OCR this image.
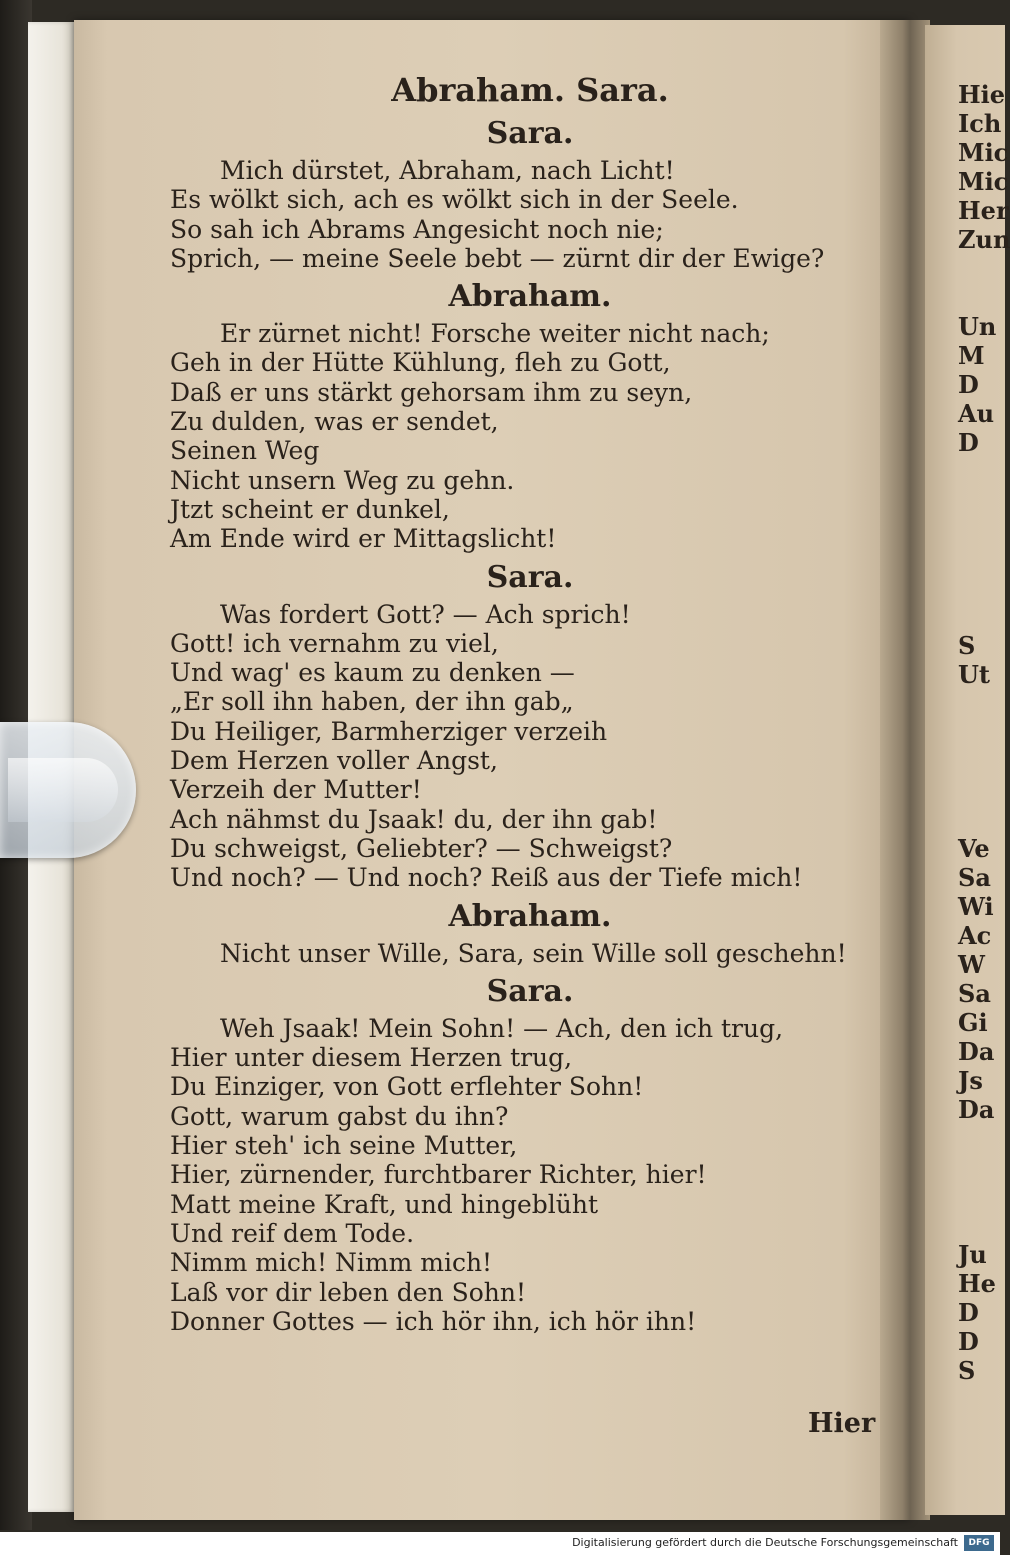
Abraham. Sara.
Sara.
Mich dürstet, Abraham, nach Licht!
Es wölkt sich, ach es wölkt sich in der Seele.
So sah ich Abrams Angesicht noch nie;
Sprich, — meine Seele bebt — zürnt dir der Ewige?
Abraham.
Er zürnet nicht! Forsche weiter nicht nach;
Geh in der Hütte Kühlung, fleh zu Gott,
Daß er uns stärkt gehorsam ihm zu seyn,
Zu dulden, was er sendet,
Seinen Weg
Nicht unsern Weg zu gehn.
Jtzt scheint er dunkel,
Am Ende wird er Mittagslicht!
Sara.
Was fordert Gott? — Ach sprich!
Gott! ich vernahm zu viel,
Und wag' es kaum zu denken —
„Er soll ihn haben, der ihn gab„
Du Heiliger, Barmherziger verzeih
Dem Herzen voller Angst,
Verzeih der Mutter!
Ach nähmst du Jsaak! du, der ihn gab!
Du schweigst, Geliebter? — Schweigst?
Und noch? — Und noch? Reiß aus der Tiefe mich!
Abraham.
Nicht unser Wille, Sara, sein Wille soll geschehn!
Sara.
Weh Jsaak! Mein Sohn! — Ach, den ich trug,
Hier unter diesem Herzen trug,
Du Einziger, von Gott erflehter Sohn!
Gott, warum gabst du ihn?
Hier steh' ich seine Mutter,
Hier, zürnender, furchtbarer Richter, hier!
Matt meine Kraft, und hingeblüht
Und reif dem Tode.
Nimm mich! Nimm mich!
Laß vor dir leben den Sohn!
Donner Gottes — ich hör ihn, ich hör ihn!
Hier
Hie
Ich
Mic
Mic
Her
Zun
Un
M
D
Au
D
S
Ut
Ve
Sa
Wi
Ac
W
Sa
Gi
Da
Js
Da
Ju
He
D
D
S
Digitalisierung gefördert durch die Deutsche Forschungsgemeinschaft	DFG
